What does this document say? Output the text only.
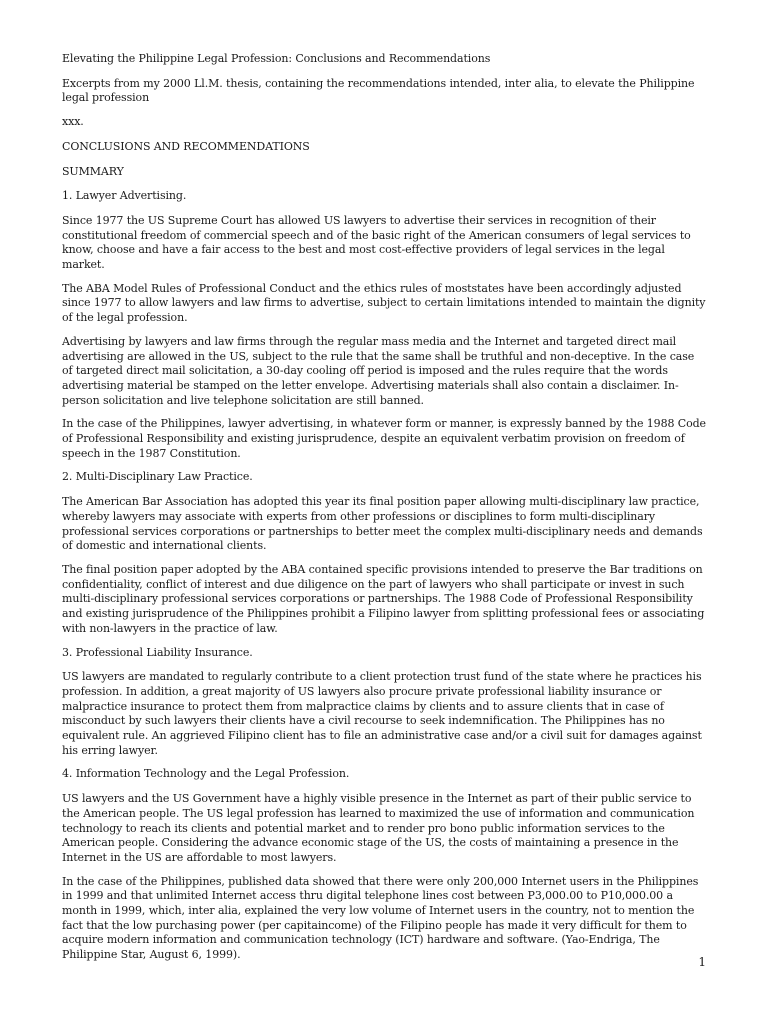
Elevating the Philippine Legal Profession: Conclusions and Recommendations

Excerpts from my 2000 Ll.M. thesis, containing the recommendations intended, inter alia, to elevate the Philippine legal profession

xxx.

CONCLUSIONS AND RECOMMENDATIONS

SUMMARY

1. Lawyer Advertising.

Since 1977 the US Supreme Court has allowed US lawyers to advertise their services in recognition of their constitutional freedom of commercial speech and of the basic right of the American consumers of legal services to know, choose and have a fair access to the best and most cost-effective providers of legal services in the legal market.

The ABA Model Rules of Professional Conduct and the ethics rules of moststates have been accordingly adjusted since 1977 to allow lawyers and law firms to advertise, subject to certain limitations intended to maintain the dignity of the legal profession.

Advertising by lawyers and law firms through the regular mass media and the Internet and targeted direct mail advertising are allowed in the US, subject to the rule that the same shall be truthful and non-deceptive. In the case of targeted direct mail solicitation, a 30-day cooling off period is imposed and the rules require that the words advertising material be stamped on the letter envelope. Advertising materials shall also contain a disclaimer. In-person solicitation and live telephone solicitation are still banned.

In the case of the Philippines, lawyer advertising, in whatever form or manner, is expressly banned by the 1988 Code of Professional Responsibility and existing jurisprudence, despite an equivalent verbatim provision on freedom of speech in the 1987 Constitution.

2. Multi-Disciplinary Law Practice.

The American Bar Association has adopted this year its final position paper allowing multi-disciplinary law practice, whereby lawyers may associate with experts from other professions or disciplines to form multi-disciplinary professional services corporations or partnerships to better meet the complex multi-disciplinary needs and demands of domestic and international clients.

The final position paper adopted by the ABA contained specific provisions intended to preserve the Bar traditions on confidentiality, conflict of interest and due diligence on the part of lawyers who shall participate or invest in such multi-disciplinary professional services corporations or partnerships. The 1988 Code of Professional Responsibility and existing jurisprudence of the Philippines prohibit a Filipino lawyer from splitting professional fees or associating with non-lawyers in the practice of law.

3. Professional Liability Insurance.

US lawyers are mandated to regularly contribute to a client protection trust fund of the state where he practices his profession. In addition, a great majority of US lawyers also procure private professional liability insurance or malpractice insurance to protect them from malpractice claims by clients and to assure clients that in case of misconduct by such lawyers their clients have a civil recourse to seek indemnification. The Philippines has no equivalent rule. An aggrieved Filipino client has to file an administrative case and/or a civil suit for damages against his erring lawyer.

4. Information Technology and the Legal Profession.

US lawyers and the US Government have a highly visible presence in the Internet as part of their public service to the American people. The US legal profession has learned to maximized the use of information and communication technology to reach its clients and potential market and to render pro bono public information services to the American people. Considering the advance economic stage of the US, the costs of maintaining a presence in the Internet in the US are affordable to most lawyers.

In the case of the Philippines, published data showed that there were only 200,000 Internet users in the Philippines in 1999 and that unlimited Internet access thru digital telephone lines cost between P3,000.00 to P10,000.00 a month in 1999, which, inter alia, explained the very low volume of Internet users in the country, not to mention the fact that the low purchasing power (per capitaincome) of the Filipino people has made it very difficult for them to acquire modern information and communication technology (ICT) hardware and software. (Yao-Endriga, The Philippine Star, August 6, 1999).

1
